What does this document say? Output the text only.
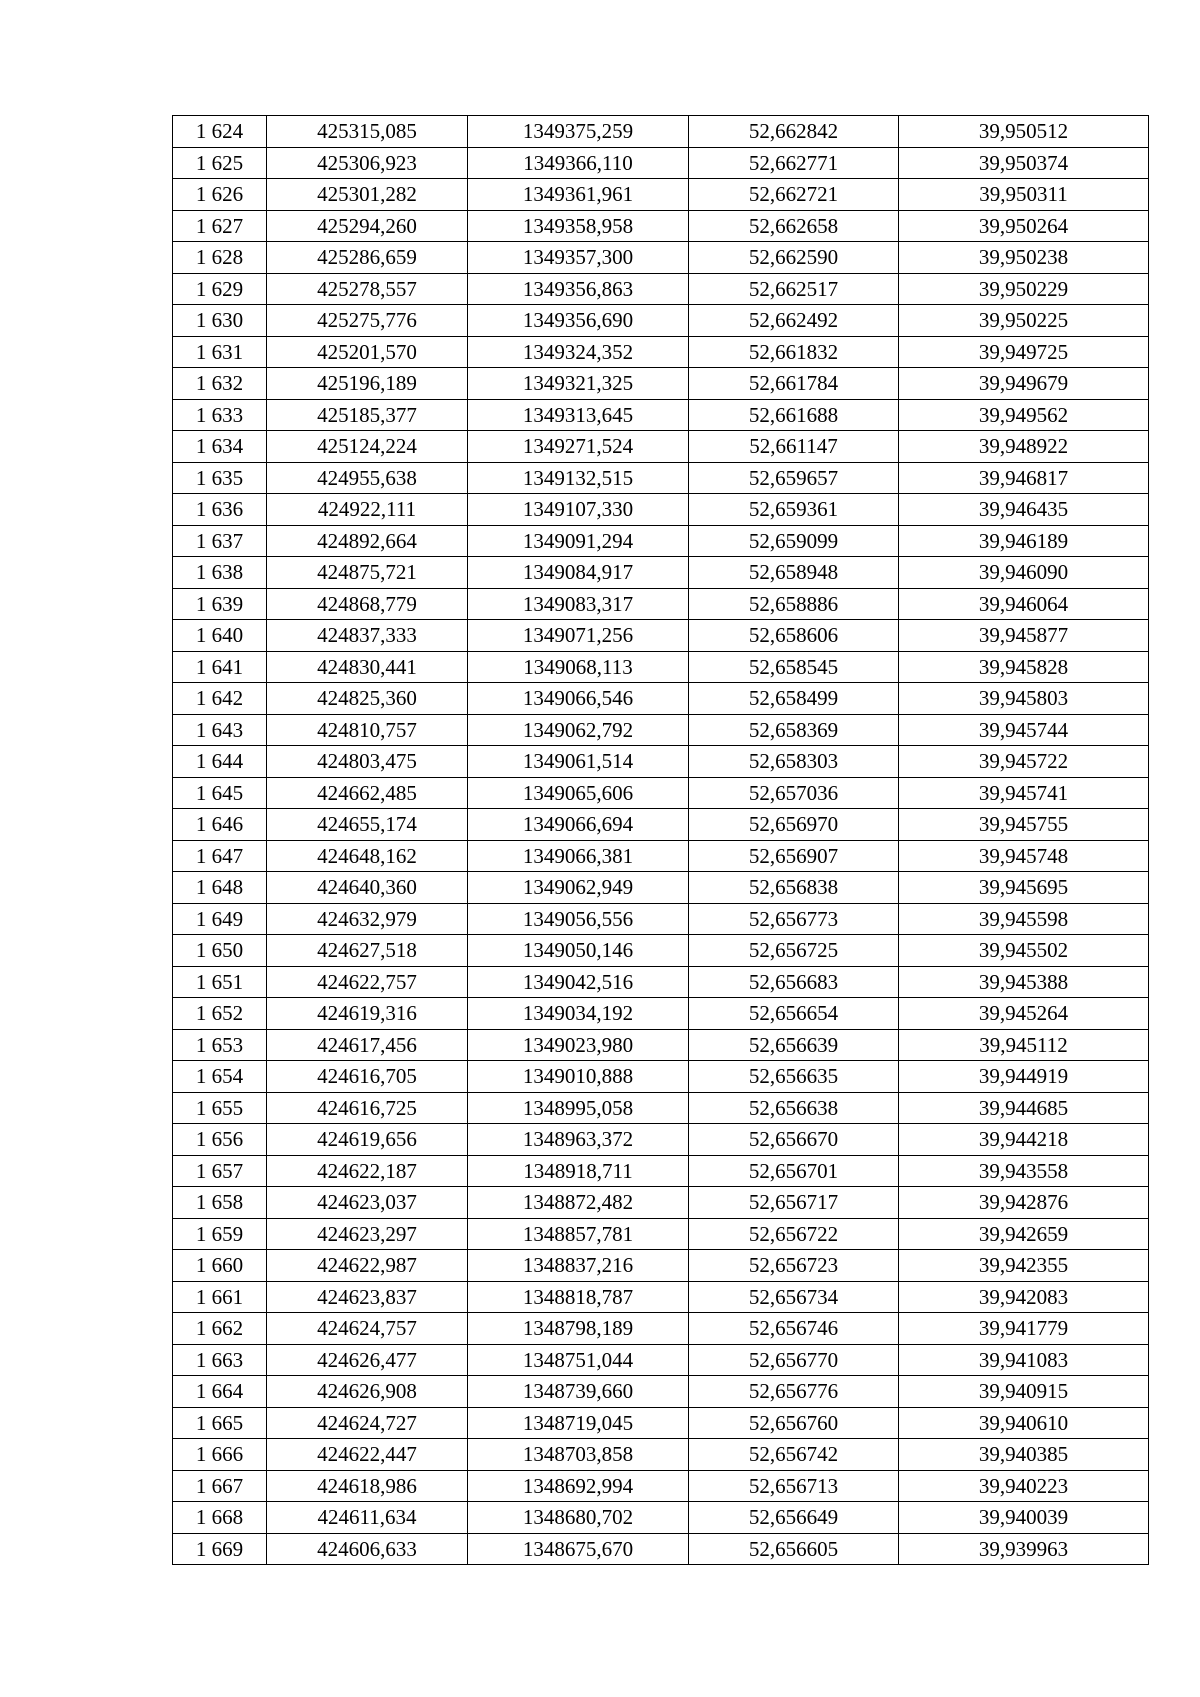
1 624	425315,085	1349375,259	52,662842	39,950512
1 625	425306,923	1349366,110	52,662771	39,950374
1 626	425301,282	1349361,961	52,662721	39,950311
1 627	425294,260	1349358,958	52,662658	39,950264
1 628	425286,659	1349357,300	52,662590	39,950238
1 629	425278,557	1349356,863	52,662517	39,950229
1 630	425275,776	1349356,690	52,662492	39,950225
1 631	425201,570	1349324,352	52,661832	39,949725
1 632	425196,189	1349321,325	52,661784	39,949679
1 633	425185,377	1349313,645	52,661688	39,949562
1 634	425124,224	1349271,524	52,661147	39,948922
1 635	424955,638	1349132,515	52,659657	39,946817
1 636	424922,111	1349107,330	52,659361	39,946435
1 637	424892,664	1349091,294	52,659099	39,946189
1 638	424875,721	1349084,917	52,658948	39,946090
1 639	424868,779	1349083,317	52,658886	39,946064
1 640	424837,333	1349071,256	52,658606	39,945877
1 641	424830,441	1349068,113	52,658545	39,945828
1 642	424825,360	1349066,546	52,658499	39,945803
1 643	424810,757	1349062,792	52,658369	39,945744
1 644	424803,475	1349061,514	52,658303	39,945722
1 645	424662,485	1349065,606	52,657036	39,945741
1 646	424655,174	1349066,694	52,656970	39,945755
1 647	424648,162	1349066,381	52,656907	39,945748
1 648	424640,360	1349062,949	52,656838	39,945695
1 649	424632,979	1349056,556	52,656773	39,945598
1 650	424627,518	1349050,146	52,656725	39,945502
1 651	424622,757	1349042,516	52,656683	39,945388
1 652	424619,316	1349034,192	52,656654	39,945264
1 653	424617,456	1349023,980	52,656639	39,945112
1 654	424616,705	1349010,888	52,656635	39,944919
1 655	424616,725	1348995,058	52,656638	39,944685
1 656	424619,656	1348963,372	52,656670	39,944218
1 657	424622,187	1348918,711	52,656701	39,943558
1 658	424623,037	1348872,482	52,656717	39,942876
1 659	424623,297	1348857,781	52,656722	39,942659
1 660	424622,987	1348837,216	52,656723	39,942355
1 661	424623,837	1348818,787	52,656734	39,942083
1 662	424624,757	1348798,189	52,656746	39,941779
1 663	424626,477	1348751,044	52,656770	39,941083
1 664	424626,908	1348739,660	52,656776	39,940915
1 665	424624,727	1348719,045	52,656760	39,940610
1 666	424622,447	1348703,858	52,656742	39,940385
1 667	424618,986	1348692,994	52,656713	39,940223
1 668	424611,634	1348680,702	52,656649	39,940039
1 669	424606,633	1348675,670	52,656605	39,939963
